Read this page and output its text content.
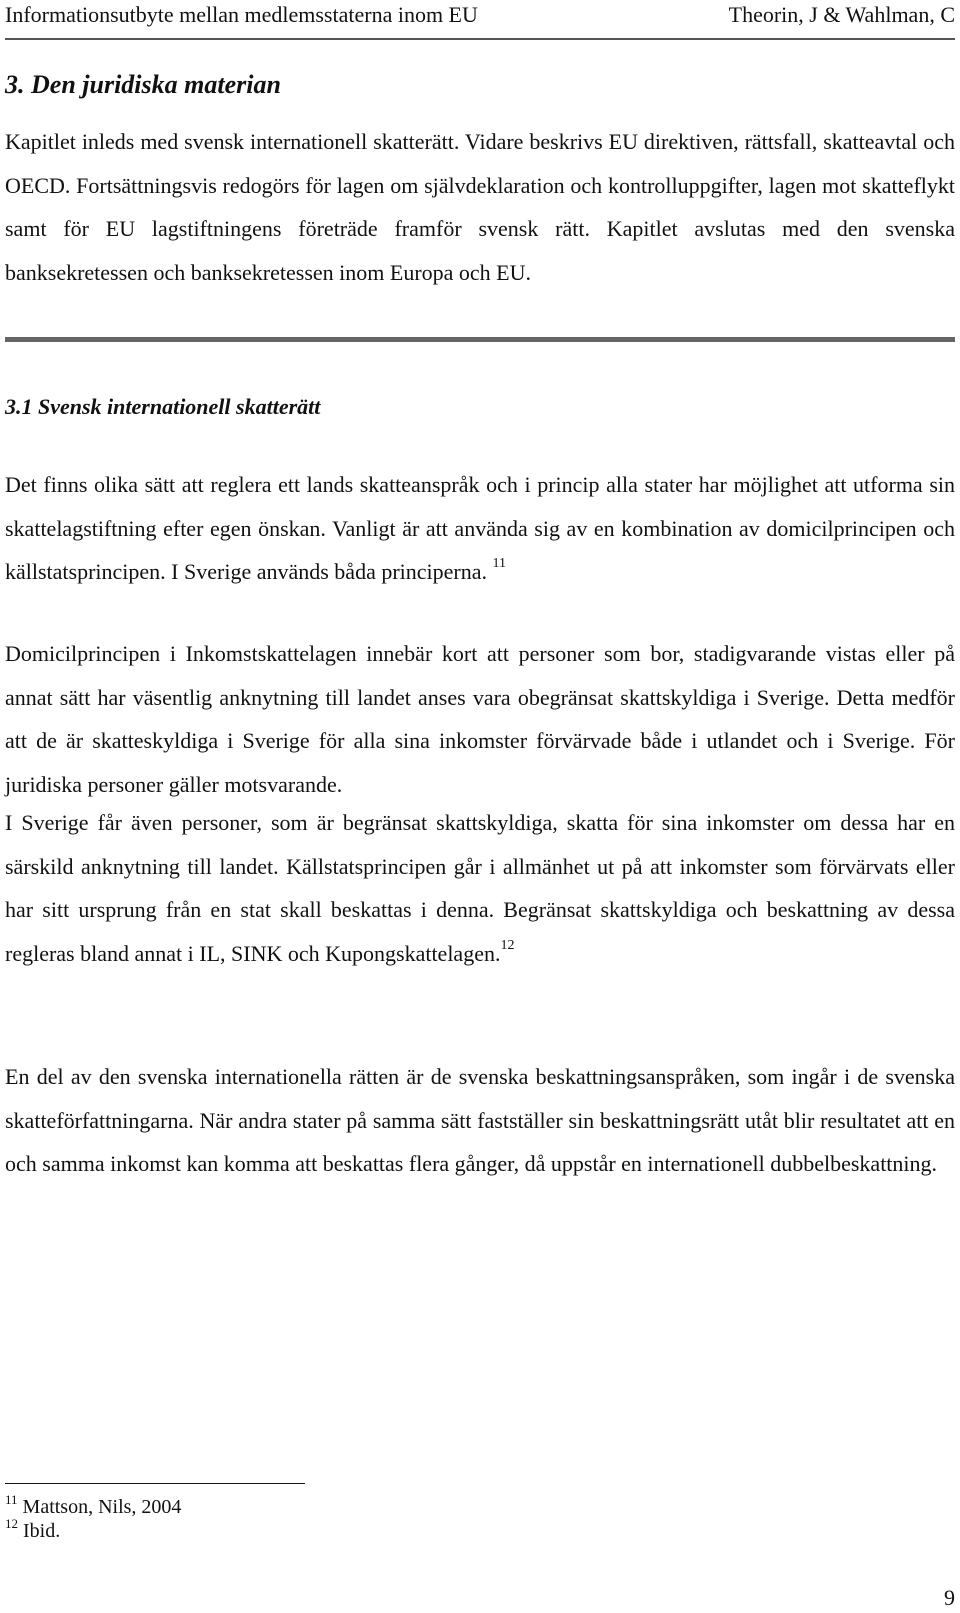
Informationsutbyte mellan medlemsstaterna inom EU	Theorin, J & Wahlman, C
3. Den juridiska materian

Kapitlet inleds med svensk internationell skatterätt. Vidare beskrivs EU direktiven, rättsfall, skatteavtal och OECD. Fortsättningsvis redogörs för lagen om självdeklaration och kontrolluppgifter, lagen mot skatteflykt samt för EU lagstiftningens företräde framför svensk rätt. Kapitlet avslutas med den svenska banksekretessen och banksekretessen inom Europa och EU.

3.1 Svensk internationell skatterätt

Det finns olika sätt att reglera ett lands skatteanspråk och i princip alla stater har möjlighet att utforma sin skattelagstiftning efter egen önskan. Vanligt är att använda sig av en kombination av domicilprincipen och källstatsprincipen. I Sverige används båda principerna. $^{11}$

Domicilprincipen i Inkomstskattelagen innebär kort att personer som bor, stadigvarande vistas eller på annat sätt har väsentlig anknytning till landet anses vara obegränsat skattskyldiga i Sverige. Detta medför att de är skatteskyldiga i Sverige för alla sina inkomster förvärvade både i utlandet och i Sverige. För juridiska personer gäller motsvarande.

I Sverige får även personer, som är begränsat skattskyldiga, skatta för sina inkomster om dessa har en särskild anknytning till landet. Källstatsprincipen går i allmänhet ut på att inkomster som förvärvats eller har sitt ursprung från en stat skall beskattas i denna. Begränsat skattskyldiga och beskattning av dessa regleras bland annat i IL, SINK och Kupongskattelagen.$^{12}$

En del av den svenska internationella rätten är de svenska beskattningsanspråken, som ingår i de svenska skatteförfattningarna. När andra stater på samma sätt fastställer sin beskattningsrätt utåt blir resultatet att en och samma inkomst kan komma att beskattas flera gånger, då uppstår en internationell dubbelbeskattning.

$^{11}$ Mattson, Nils, 2004
$^{12}$ Ibid.
9
